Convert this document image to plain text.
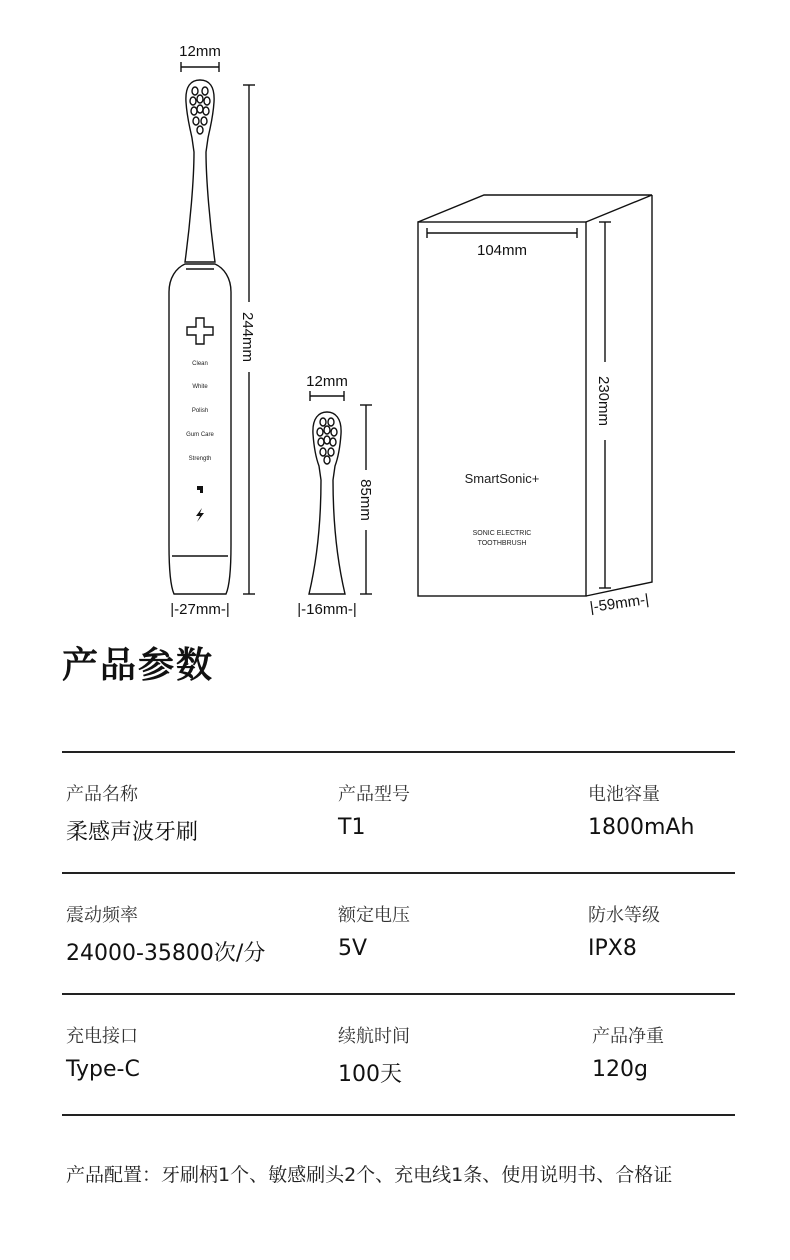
12mm
244mm
|-27mm-|
Clean
White
Polish
Gum Care
Strength
12mm
85mm
|-16mm-|
104mm
230mm
|-59mm-|
SmartSonic+
SONIC ELECTRIC
TOOTHBRUSH
产品参数
产品名称
柔感声波牙刷
产品型号
T1
电池容量
1800mAh
震动频率
24000-35800次/分
额定电压
5V
防水等级
IPX8
充电接口
Type-C
续航时间
100天
产品净重
120g
产品配置：牙刷柄1个、敏感刷头2个、充电线1条、使用说明书、合格证
